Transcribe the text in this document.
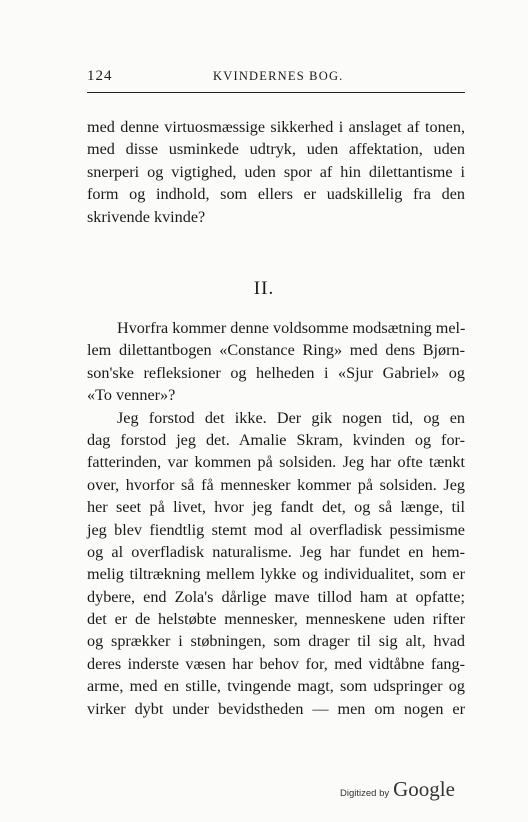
124	KVINDERNES BOG.
med denne virtuosmæssige sikkerhed i anslaget af tonen,
med disse usminkede udtryk, uden affektation, uden
snerperi og vigtighed, uden spor af hin dilettantisme i
form og indhold, som ellers er uadskillelig fra den
skrivende kvinde?
II.
Hvorfra kommer denne voldsomme modsætning mel-
lem dilettantbogen «Constance Ring» med dens Bjørn-
son'ske refleksioner og helheden i «Sjur Gabriel» og
«To venner»?
Jeg forstod det ikke. Der gik nogen tid, og en
dag forstod jeg det. Amalie Skram, kvinden og for-
fatterinden, var kommen på solsiden. Jeg har ofte tænkt
over, hvorfor så få mennesker kommer på solsiden. Jeg
her seet på livet, hvor jeg fandt det, og så længe, til
jeg blev fiendtlig stemt mod al overfladisk pessimisme
og al overfladisk naturalisme. Jeg har fundet en hem-
melig tiltrækning mellem lykke og individualitet, som er
dybere, end Zola's dårlige mave tillod ham at opfatte;
det er de helstøbte mennesker, menneskene uden rifter
og sprækker i støbningen, som drager til sig alt, hvad
deres inderste væsen har behov for, med vidtåbne fang-
arme, med en stille, tvingende magt, som udspringer og
virker dybt under bevidstheden — men om nogen er
Digitized by Google
